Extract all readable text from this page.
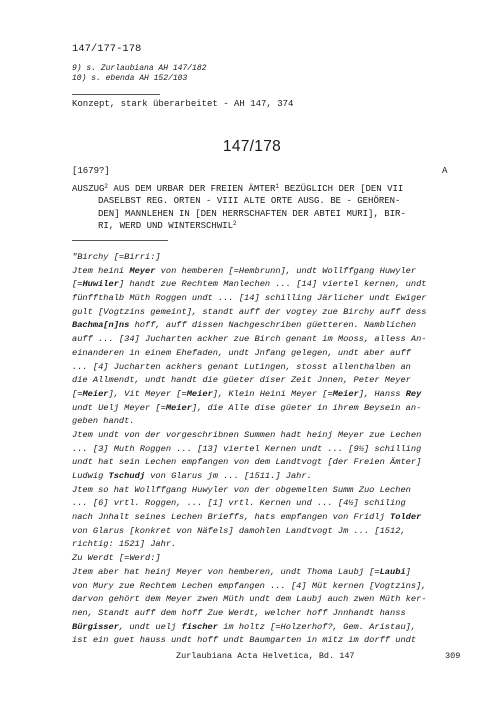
147/177-178
9) s. Zurlaubiana AH 147/182
10) s. ebenda AH 152/103
Konzept, stark überarbeitet - AH 147, 374
147/178
[1679?]	A
AUSZUG$^2$ AUS DEM URBAR DER FREIEN ÄMTER$^1$ BEZÜGLICH DER [DEN VII
DASELBST REG. ORTEN - VIII ALTE ORTE AUSG. BE - GEHÖREN-
DEN] MANNLEHEN IN [DEN HERRSCHAFTEN DER ABTEI MURI], BIR-
RI, WERD UND WINTERSCHWIL$^2$
"Birchy [=Birri:]
Jtem heini Meyer von hemberen [=Hembrunn], undt Wollffgang Huwyler
[=Huwiler] handt zue Rechtem Manlechen ... [14] viertel kernen, undt
fünffthalb Müth Roggen undt ... [14] schilling Järlicher undt Ewiger
gult [Vogtzins gemeint], standt auff der vogtey zue Birchy auff dess
Bachma[n]ns hoff, auff dissen Nachgeschriben güetteren. Namblichen
auff ... [34] Jucharten ackher zue Birch genant im Mooss, alless An-
einanderen in einem Ehefaden, undt Jnfang gelegen, undt aber auff
... [4] Jucharten ackhers genant Lutingen, stosst allenthalben an
die Allmendt, undt handt die güeter diser Zeit Jnnen, Peter Meyer
[=Meier], Vit Meyer [=Meier], Klein Heini Meyer [=Meier], Hanss Rey
undt Uelj Meyer [=Meier], die Alle dise güeter in ihrem Beysein an-
geben handt.
Jtem undt von der vorgeschribnen Summen hadt heinj Meyer zue Lechen
... [3] Muth Roggen ... [13] viertel Kernen undt ... [9½] schilling
undt hat sein Lechen empfangen von dem Landtvogt [der Freien Ämter]
Ludwig Tschudj von Glarus jm ... [1511.] Jahr.
Jtem so hat Wollffgang Huwyler von der obgemelten Summ Zuo Lechen
... [6] vrtl. Roggen, ... [1] vrtl. Kernen und ... [4½] schiling
nach Jnhalt seines Lechen Brieffs, hats empfangen von Fridlj Tolder
von Glarus [konkret von Näfels] damohlen Landtvogt Jm ... [1512,
richtig: 1521] Jahr.
Zu Werdt [=Werd:]
Jtem aber hat heinj Meyer von hemberen, undt Thoma Laubj [=Laubi]
von Mury zue Rechtem Lechen empfangen ... [4] Müt kernen [Vogtzins],
darvon gehört dem Meyer zwen Müth undt dem Laubj auch zwen Müth ker-
nen, Standt auff dem hoff Zue Werdt, welcher hoff Jnnhandt hanss
Bürgisser, undt uelj fischer im holtz [=Holzerhof?, Gem. Aristau],
ist ein guet hauss undt hoff undt Baumgarten in mitz im dorff undt
Zurlaubiana Acta Helvetica, Bd. 147	309
